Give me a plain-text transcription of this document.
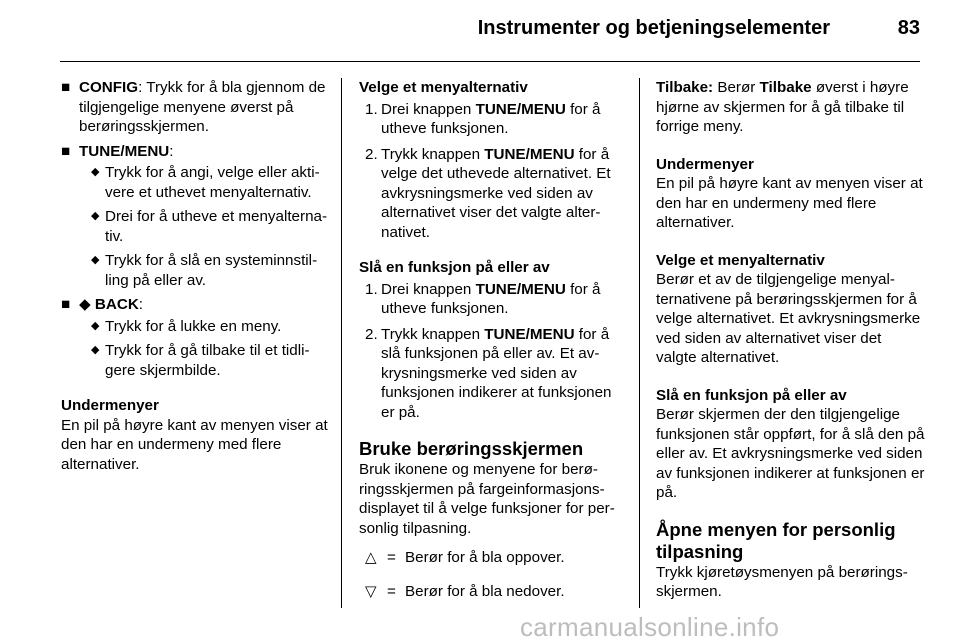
Instrumenter og betjeningselementer	83
■ CONFIG: Trykk for å bla gjennom de tilgjengelige menyene øverst på berøringsskjermen.
■ TUNE/MENU:
◆ Trykk for å angi, velge eller aktivere et uthevet menyalternativ.
◆ Drei for å utheve et menyalternativ.
◆ Trykk for å slå en systeminnstilling på eller av.
■ ◆ BACK:
◆ Trykk for å lukke en meny.
◆ Trykk for å gå tilbake til et tidligere skjermbilde.

Undermenyer

En pil på høyre kant av menyen viser at den har en undermeny med flere alternativer.

Velge et menyalternativ

1. Drei knappen TUNE/MENU for å utheve funksjonen.
2. Trykk knappen TUNE/MENU for å velge det uthevede alternativet. Et avkrysningsmerke ved siden av alternativet viser det valgte alternativet.

Slå en funksjon på eller av

1. Drei knappen TUNE/MENU for å utheve funksjonen.
2. Trykk knappen TUNE/MENU for å slå funksjonen på eller av. Et avkrysningsmerke ved siden av funksjonen indikerer at funksjonen er på.

Bruke berøringsskjermen

Bruk ikonene og menyene for berøringsskjermen på fargeinformasjonsdisplayet til å velge funksjoner for personlig tilpasning.

△ = Berør for å bla oppover.
▽ = Berør for å bla nedover.

Tilbake: Berør Tilbake øverst i høyre hjørne av skjermen for å gå tilbake til forrige meny.

Undermenyer

En pil på høyre kant av menyen viser at den har en undermeny med flere alternativer.

Velge et menyalternativ

Berør et av de tilgjengelige menyalternativene på berøringsskjermen for å velge alternativet. Et avkrysningsmerke ved siden av alternativet viser det valgte alternativet.

Slå en funksjon på eller av

Berør skjermen der den tilgjengelige funksjonen står oppført, for å slå den på eller av. Et avkrysningsmerke ved siden av funksjonen indikerer at funksjonen er på.

Åpne menyen for personlig tilpasning

Trykk kjøretøysmenyen på berøringsskjermen.

carmanualsonline.info
